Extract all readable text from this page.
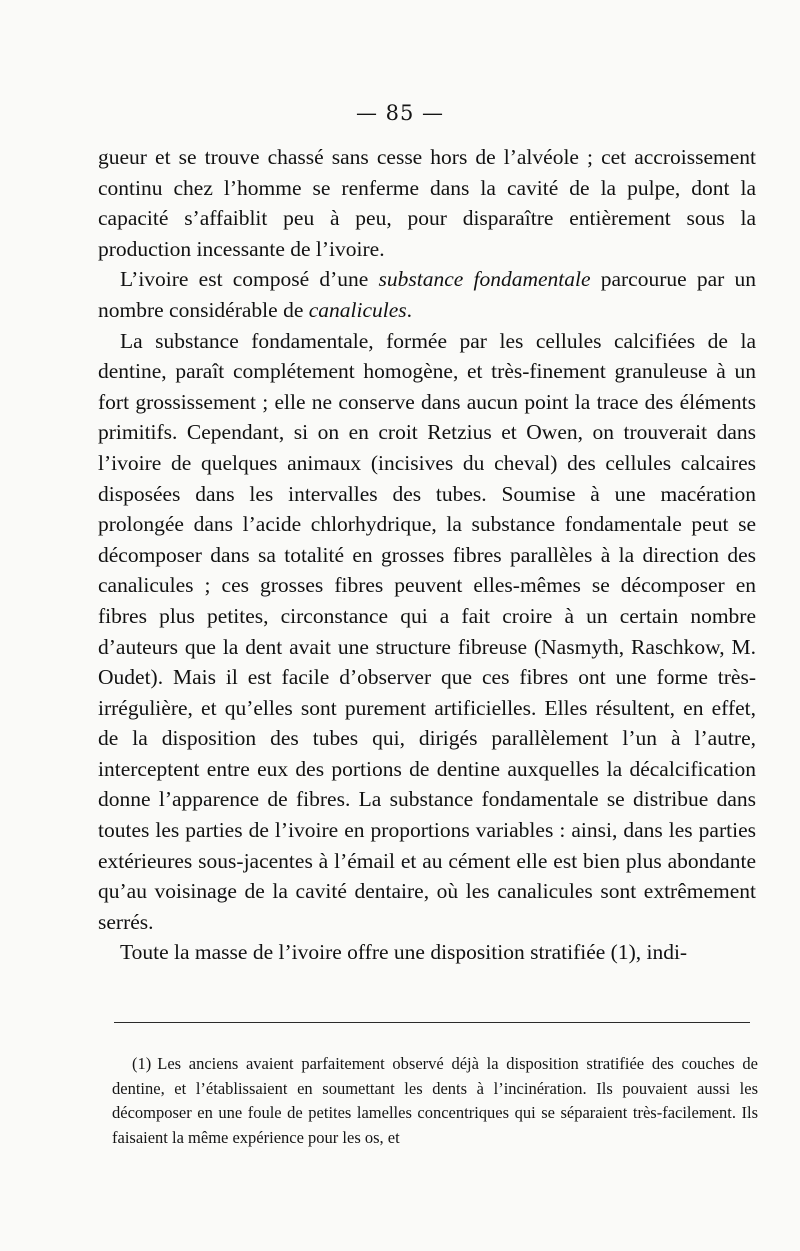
— 85 —

gueur et se trouve chassé sans cesse hors de l’alvéole ; cet accroissement continu chez l’homme se renferme dans la cavité de la pulpe, dont la capacité s’affaiblit peu à peu, pour disparaître entièrement sous la production incessante de l’ivoire.

L’ivoire est composé d’une substance fondamentale parcourue par un nombre considérable de canalicules.

La substance fondamentale, formée par les cellules calcifiées de la dentine, paraît complétement homogène, et très-finement granuleuse à un fort grossissement ; elle ne conserve dans aucun point la trace des éléments primitifs. Cependant, si on en croit Retzius et Owen, on trouverait dans l’ivoire de quelques animaux (incisives du cheval) des cellules calcaires disposées dans les intervalles des tubes. Soumise à une macération prolongée dans l’acide chlorhydrique, la substance fondamentale peut se décomposer dans sa totalité en grosses fibres parallèles à la direction des canalicules ; ces grosses fibres peuvent elles-mêmes se décomposer en fibres plus petites, circonstance qui a fait croire à un certain nombre d’auteurs que la dent avait une structure fibreuse (Nasmyth, Raschkow, M. Oudet). Mais il est facile d’observer que ces fibres ont une forme très-irrégulière, et qu’elles sont purement artificielles. Elles résultent, en effet, de la disposition des tubes qui, dirigés parallèlement l’un à l’autre, interceptent entre eux des portions de dentine auxquelles la décalcification donne l’apparence de fibres. La substance fondamentale se distribue dans toutes les parties de l’ivoire en proportions variables : ainsi, dans les parties extérieures sous-jacentes à l’émail et au cément elle est bien plus abondante qu’au voisinage de la cavité dentaire, où les canalicules sont extrêmement serrés.

Toute la masse de l’ivoire offre une disposition stratifiée (1), indi-

(1) Les anciens avaient parfaitement observé déjà la disposition stratifiée des couches de dentine, et l’établissaient en soumettant les dents à l’incinération. Ils pouvaient aussi les décomposer en une foule de petites lamelles concentriques qui se séparaient très-facilement. Ils faisaient la même expérience pour les os, et
